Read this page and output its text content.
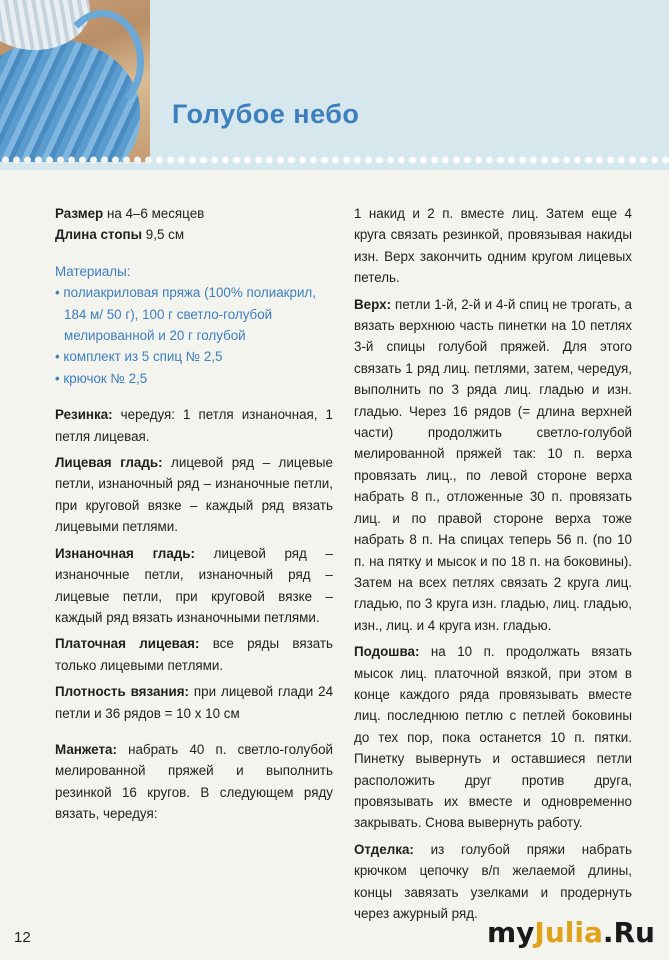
Голубое небо

Размер на 4–6 месяцев

Длина стопы 9,5 см

Материалы:

• полиакриловая пряжа (100% полиакрил, 184 м/ 50 г), 100 г светло-голубой мелированной и 20 г голубой

• комплект из 5 спиц № 2,5

• крючок № 2,5

Резинка: чередуя: 1 петля изнаночная, 1 петля лицевая.

Лицевая гладь: лицевой ряд – лицевые петли, изнаночный ряд – изнаночные петли, при круговой вязке – каждый ряд вязать лицевыми петлями.

Изнаночная гладь: лицевой ряд – изнаночные петли, изнаночный ряд – лицевые петли, при круговой вязке – каждый ряд вязать изнаночными петлями.

Платочная лицевая: все ряды вязать только лицевыми петлями.

Плотность вязания: при лицевой глади 24 петли и 36 рядов = 10 х 10 см

Манжета: набрать 40 п. светло-голубой мелированной пряжей и выполнить резинкой 16 кругов. В следующем ряду вязать, чередуя:

1 накид и 2 п. вместе лиц. Затем еще 4 круга связать резинкой, провязывая накиды изн. Верх закончить одним кругом лицевых петель.

Верх: петли 1-й, 2-й и 4-й спиц не трогать, а вязать верхнюю часть пинетки на 10 петлях 3-й спицы голубой пряжей. Для этого связать 1 ряд лиц. петлями, затем, чередуя, выполнить по 3 ряда лиц. гладью и изн. гладью. Через 16 рядов (= длина верхней части) продолжить светло-голубой мелированной пряжей так: 10 п. верха провязать лиц., по левой стороне верха набрать 8 п., отложенные 30 п. провязать лиц. и по правой стороне верха тоже набрать 8 п. На спицах теперь 56 п. (по 10 п. на пятку и мысок и по 18 п. на боковины). Затем на всех петлях связать 2 круга лиц. гладью, по 3 круга изн. гладью, лиц. гладью, изн., лиц. и 4 круга изн. гладью.

Подошва: на 10 п. продолжать вязать мысок лиц. платочной вязкой, при этом в конце каждого ряда провязывать вместе лиц. последнюю петлю с петлей боковины до тех пор, пока останется 10 п. пятки. Пинетку вывернуть и оставшиеся петли расположить друг против друга, провязывать их вместе и одновременно закрывать. Снова вывернуть работу.

Отделка: из голубой пряжи набрать крючком цепочку в/п желаемой длины, концы завязать узелками и продернуть через ажурный ряд.

12	myJulia.Ru
